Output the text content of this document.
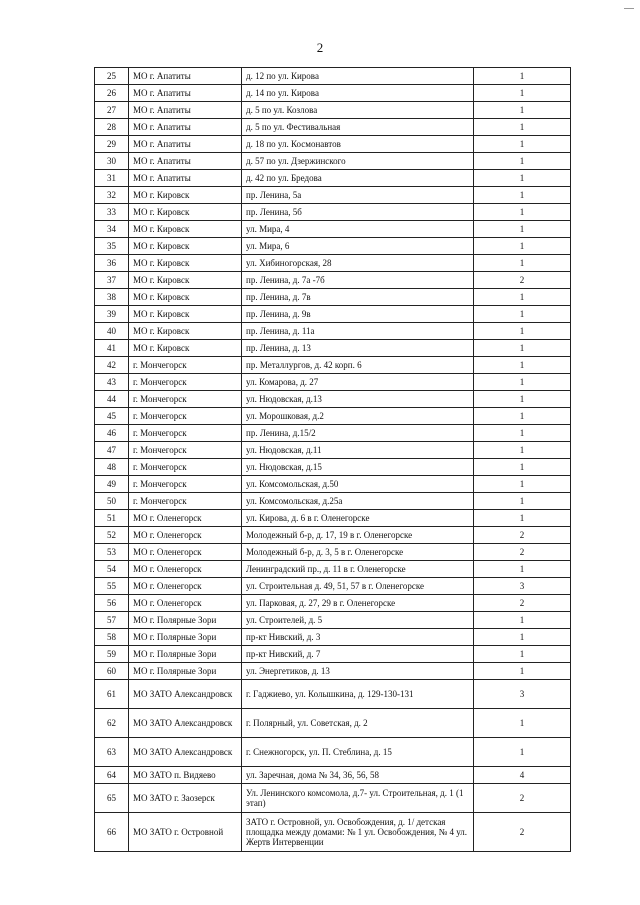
2
25	МО г. Апатиты	д. 12 по ул. Кирова	1
26	МО г. Апатиты	д. 14 по ул. Кирова	1
27	МО г. Апатиты	д. 5 по ул. Козлова	1
28	МО г. Апатиты	д. 5 по ул. Фестивальная	1
29	МО г. Апатиты	д. 18 по ул. Космонавтов	1
30	МО г. Апатиты	д. 57 по ул. Дзержинского	1
31	МО г. Апатиты	д. 42 по ул. Бредова	1
32	МО г. Кировск	пр. Ленина, 5а	1
33	МО г. Кировск	пр. Ленина, 5б	1
34	МО г. Кировск	ул. Мира, 4	1
35	МО г. Кировск	ул. Мира, 6	1
36	МО г. Кировск	ул. Хибиногорская, 28	1
37	МО г. Кировск	пр. Ленина, д. 7а -7б	2
38	МО г. Кировск	пр. Ленина, д. 7в	1
39	МО г. Кировск	пр. Ленина, д. 9в	1
40	МО г. Кировск	пр. Ленина, д. 11а	1
41	МО г. Кировск	пр. Ленина, д. 13	1
42	г. Мончегорск	пр. Металлургов, д. 42 корп. 6	1
43	г. Мончегорск	ул. Комарова, д. 27	1
44	г. Мончегорск	ул. Нюдовская, д.13	1
45	г. Мончегорск	ул. Морошковая, д.2	1
46	г. Мончегорск	пр. Ленина, д.15/2	1
47	г. Мончегорск	ул. Нюдовская, д.11	1
48	г. Мончегорск	ул. Нюдовская, д.15	1
49	г. Мончегорск	ул. Комсомольская, д.50	1
50	г. Мончегорск	ул. Комсомольская, д.25а	1
51	МО г. Оленегорск	ул. Кирова, д. 6 в г. Оленегорске	1
52	МО г. Оленегорск	Молодежный б-р, д. 17, 19 в г. Оленегорске	2
53	МО г. Оленегорск	Молодежный б-р, д. 3, 5 в г. Оленегорске	2
54	МО г. Оленегорск	Ленинградский пр., д. 11 в г. Оленегорске	1
55	МО г. Оленегорск	ул. Строительная д. 49, 51, 57 в г. Оленегорске	3
56	МО г. Оленегорск	ул. Парковая, д. 27, 29 в г. Оленегорске	2
57	МО г. Полярные Зори	ул. Строителей, д. 5	1
58	МО г. Полярные Зори	пр-кт Нивский, д. 3	1
59	МО г. Полярные Зори	пр-кт Нивский, д. 7	1
60	МО г. Полярные Зори	ул. Энергетиков, д. 13	1
61	МО ЗАТО Александровск	г. Гаджиево, ул. Колышкина, д. 129-130-131	3
62	МО ЗАТО Александровск	г. Полярный, ул. Советская, д. 2	1
63	МО ЗАТО Александровск	г. Снежногорск, ул. П. Стеблина, д. 15	1
64	МО ЗАТО п. Видяево	ул. Заречная, дома № 34, 36, 56, 58	4
65	МО ЗАТО г. Заозерск	Ул. Ленинского комсомола, д.7- ул. Строительная, д. 1 (1 этап)	2
66	МО ЗАТО г. Островной	ЗАТО г. Островной, ул. Освобождения, д. 1/ детская площадка между домами: № 1 ул. Освобождения, № 4 ул. Жертв Интервенции	2
